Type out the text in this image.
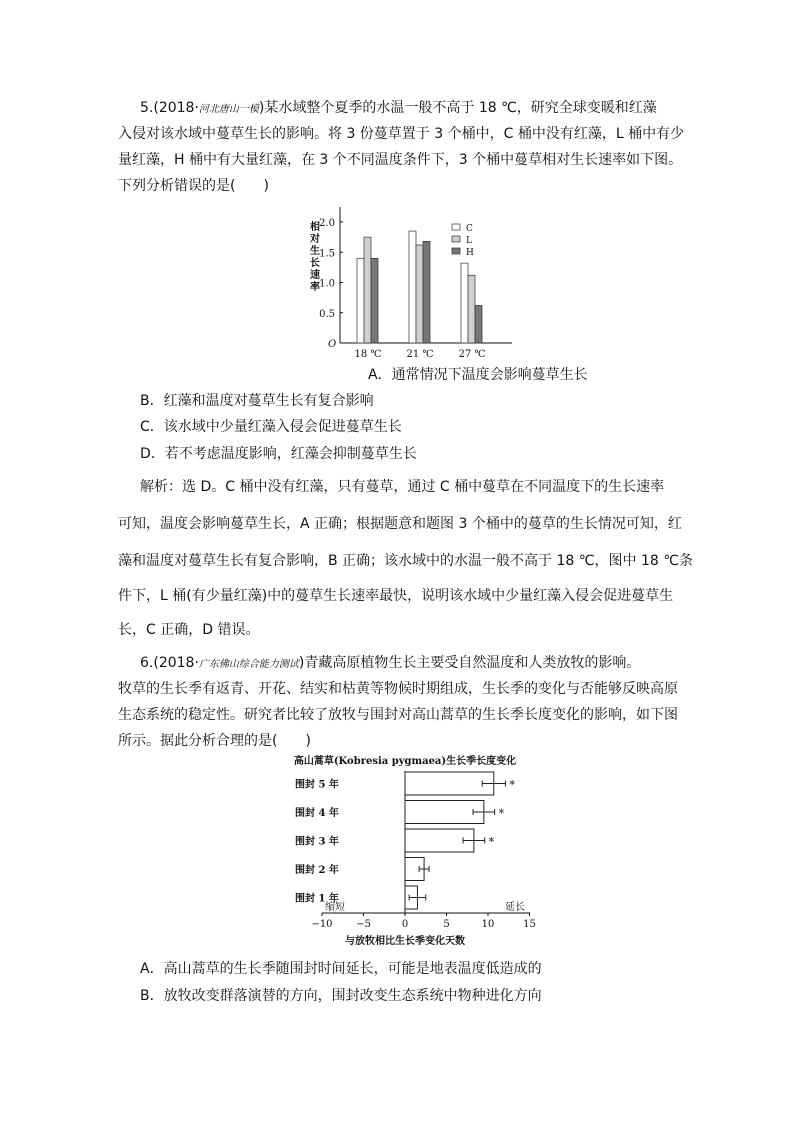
5.(2018·河北唐山一模)某水域整个夏季的水温一般不高于 18 ℃，研究全球变暖和红藻
入侵对该水域中蔓草生长的影响。将 3 份蔓草置于 3 个桶中，C 桶中没有红藻，L 桶中有少
量红藻，H 桶中有大量红藻，在 3 个不同温度条件下，3 个桶中蔓草相对生长速率如下图。
下列分析错误的是(　　)
O
0.5
1.0
1.5
2.0
相
对
生
长
速
率
18 ℃ 21 ℃ 27 ℃
C
L
H
A．通常情况下温度会影响蔓草生长
B．红藻和温度对蔓草生长有复合影响
C．该水域中少量红藻入侵会促进蔓草生长
D．若不考虑温度影响，红藻会抑制蔓草生长
解析：选 D。C 桶中没有红藻，只有蔓草，通过 C 桶中蔓草在不同温度下的生长速率
可知，温度会影响蔓草生长，A 正确；根据题意和题图 3 个桶中的蔓草的生长情况可知，红
藻和温度对蔓草生长有复合影响，B 正确；该水域中的水温一般不高于 18 ℃，图中 18 ℃条
件下，L 桶(有少量红藻)中的蔓草生长速率最快，说明该水域中少量红藻入侵会促进蔓草生
长，C 正确，D 错误。
6.(2018·广东佛山综合能力测试)青藏高原植物生长主要受自然温度和人类放牧的影响。
牧草的生长季有返青、开花、结实和枯黄等物候时期组成，生长季的变化与否能够反映高原
生态系统的稳定性。研究者比较了放牧与围封对高山蒿草的生长季长度变化的影响，如下图
所示。据此分析合理的是(　　)
高山蒿草(Kobresia pygmaea)生长季长度变化
−10 −5	0	5	10	15
与放牧相比生长季变化天数
缩短	延长
围封 5 年	*
围封 4 年	*
围封 3 年	*
围封 2 年
围封 1 年
A．高山蒿草的生长季随围封时间延长，可能是地表温度低造成的
B．放牧改变群落演替的方向，围封改变生态系统中物种进化方向
